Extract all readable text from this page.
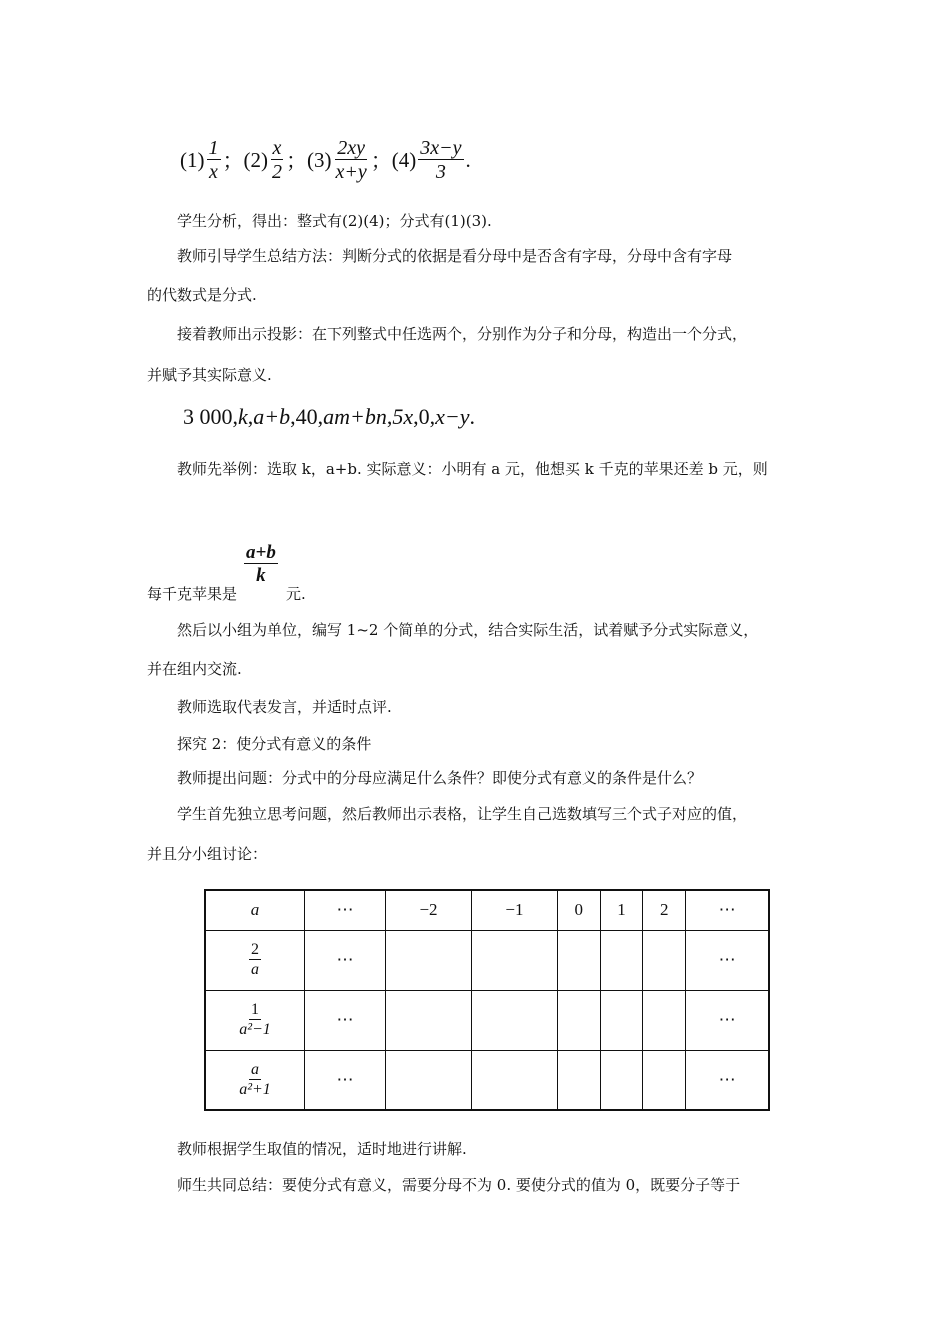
$(1) \frac{1}{x}$ ； $(2) \frac{x}{2}$ ； $(3) \frac{2xy}{x+y}$ ； $(4) \frac{3x-y}{3}$ .
学生分析，得出：整式有(2)(4)；分式有(1)(3).
教师引导学生总结方法：判断分式的依据是看分母中是否含有字母，分母中含有字母
的代数式是分式.
接着教师出示投影：在下列整式中任选两个，分别作为分子和分母，构造出一个分式，
并赋予其实际意义.
3 000 , k , a+b , 40 , am+bn , 5x , 0 , x−y .
教师先举例：选取 k，a+b. 实际意义：小明有 a 元，他想买 k 千克的苹果还差 b 元，则
$\frac{a+b}{k}$
每千克苹果是	元.
然后以小组为单位，编写 1~2 个简单的分式，结合实际生活，试着赋予分式实际意义，
并在组内交流.
教师选取代表发言，并适时点评.
探究 2：使分式有意义的条件
教师提出问题：分式中的分母应满足什么条件？即使分式有意义的条件是什么？
学生首先独立思考问题，然后教师出示表格，让学生自己选数填写三个式子对应的值，
并且分小组讨论：
a	⋯	−2	−1	0	1	2	⋯

$\frac{2}{a}$	⋯						⋯

$\frac{1}{\text{a²−1}}$	⋯						⋯

$\frac{a}{\text{a²+1}}$	⋯						⋯
教师根据学生取值的情况，适时地进行讲解.
师生共同总结：要使分式有意义，需要分母不为 0. 要使分式的值为 0，既要分子等于
